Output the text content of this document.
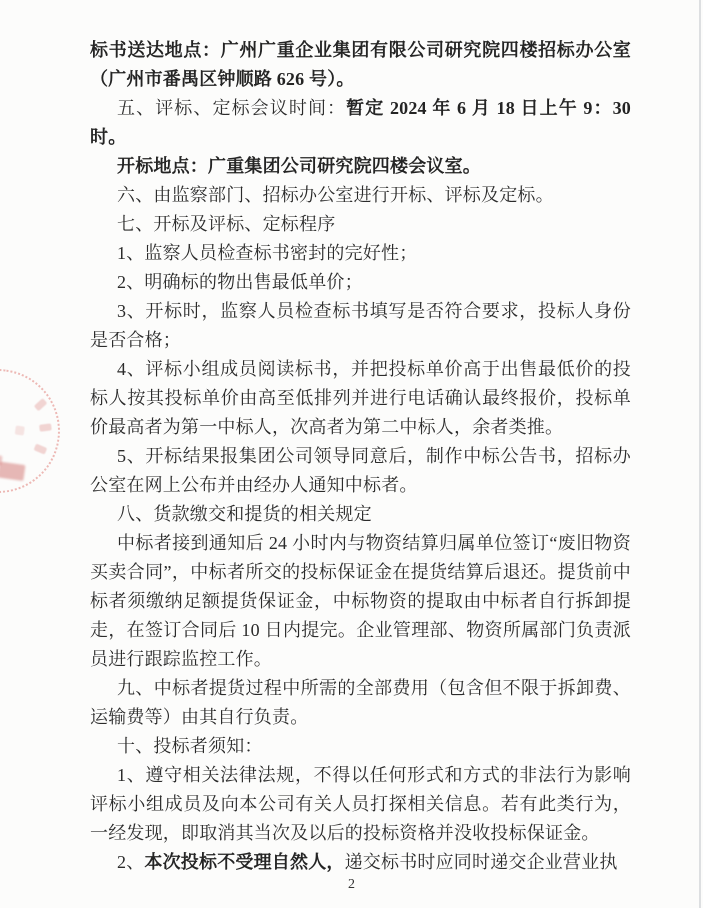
标书送达地点：广州广重企业集团有限公司研究院四楼招标办公室（广州市番禺区钟顺路 626 号）。

五、评标、定标会议时间：暂定 2024 年 6 月 18 日上午 9：30 时。

开标地点：广重集团公司研究院四楼会议室。

六、由监察部门、招标办公室进行开标、评标及定标。

七、开标及评标、定标程序

1、监察人员检查标书密封的完好性；

2、明确标的物出售最低单价；

3、开标时，监察人员检查标书填写是否符合要求，投标人身份是否合格；

4、评标小组成员阅读标书，并把投标单价高于出售最低价的投标人按其投标单价由高至低排列并进行电话确认最终报价，投标单价最高者为第一中标人，次高者为第二中标人，余者类推。

5、开标结果报集团公司领导同意后，制作中标公告书，招标办公室在网上公布并由经办人通知中标者。

八、货款缴交和提货的相关规定

中标者接到通知后 24 小时内与物资结算归属单位签订“废旧物资买卖合同”，中标者所交的投标保证金在提货结算后退还。提货前中标者须缴纳足额提货保证金，中标物资的提取由中标者自行拆卸提走，在签订合同后 10 日内提完。企业管理部、物资所属部门负责派员进行跟踪监控工作。

九、中标者提货过程中所需的全部费用（包含但不限于拆卸费、运输费等）由其自行负责。

十、投标者须知：

1、遵守相关法律法规，不得以任何形式和方式的非法行为影响评标小组成员及向本公司有关人员打探相关信息。若有此类行为，一经发现，即取消其当次及以后的投标资格并没收投标保证金。

2、本次投标不受理自然人，递交标书时应同时递交企业营业执

2
